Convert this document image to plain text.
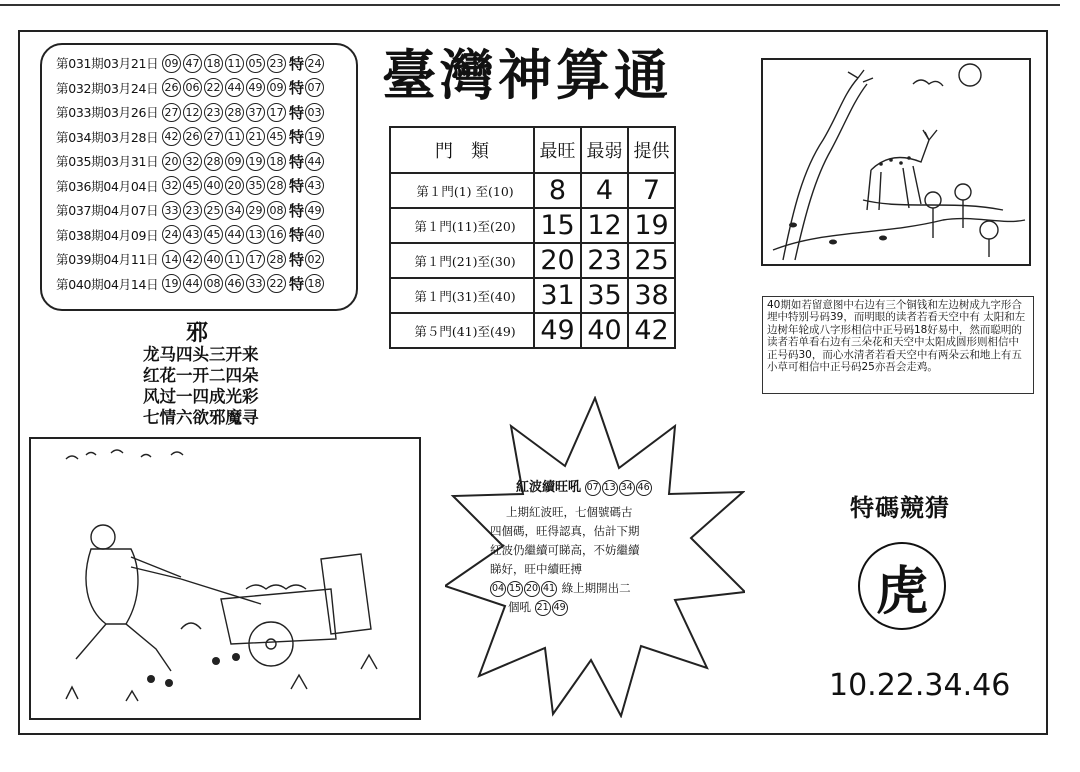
第031期03月21日 09 47 18 11 05 23 特 24
第032期03月24日 26 06 22 44 49 09 特 07
第033期03月26日 27 12 23 28 37 17 特 03
第034期03月28日 42 26 27 11 21 45 特 19
第035期03月31日 20 32 28 09 19 18 特 44
第036期04月04日 32 45 40 20 35 28 特 43
第037期04月07日 33 23 25 34 29 08 特 49
第038期04月09日 24 43 45 44 13 16 特 40
第039期04月11日 14 42 40 11 17 28 特 02
第040期04月14日 19 44 08 46 33 22 特 18
臺灣神算通
門　類	最旺	最弱	提供
第１門(1) 至(10)	8	4	7
第１門(11)至(20)	15	12	19
第１門(21)至(30)	20	23	25
第１門(31)至(40)	31	35	38
第５門(41)至(49)	49	40	42
40期如若留意图中右边有三个铜钱和左边树成九字形合埋中特别号码39，而明眼的读者若看天空中有 太阳和左边树年轮成八字形相信中正号码18好易中，然而聪明的读者若单看右边有三朵花和天空中太阳成圆形则相信中正号码30，而心水清者若看天空中有两朵云和地上有五小草可相信中正号码25亦吾会走鸡。
邪
龙马四头三开来
红花一开二四朵
风过一四成光彩
七情六欲邪魔寻
紅波續旺吼 07 13 34 46
上期紅波旺，七個號碼古
四個碼，旺得認真，估計下期
紅波仍繼續可睇高，不妨繼續
睇好，旺中續旺搏
04 15 20 41 綠上期開出二
個吼 21 49
特碼競猜
虎
10.22.34.46
